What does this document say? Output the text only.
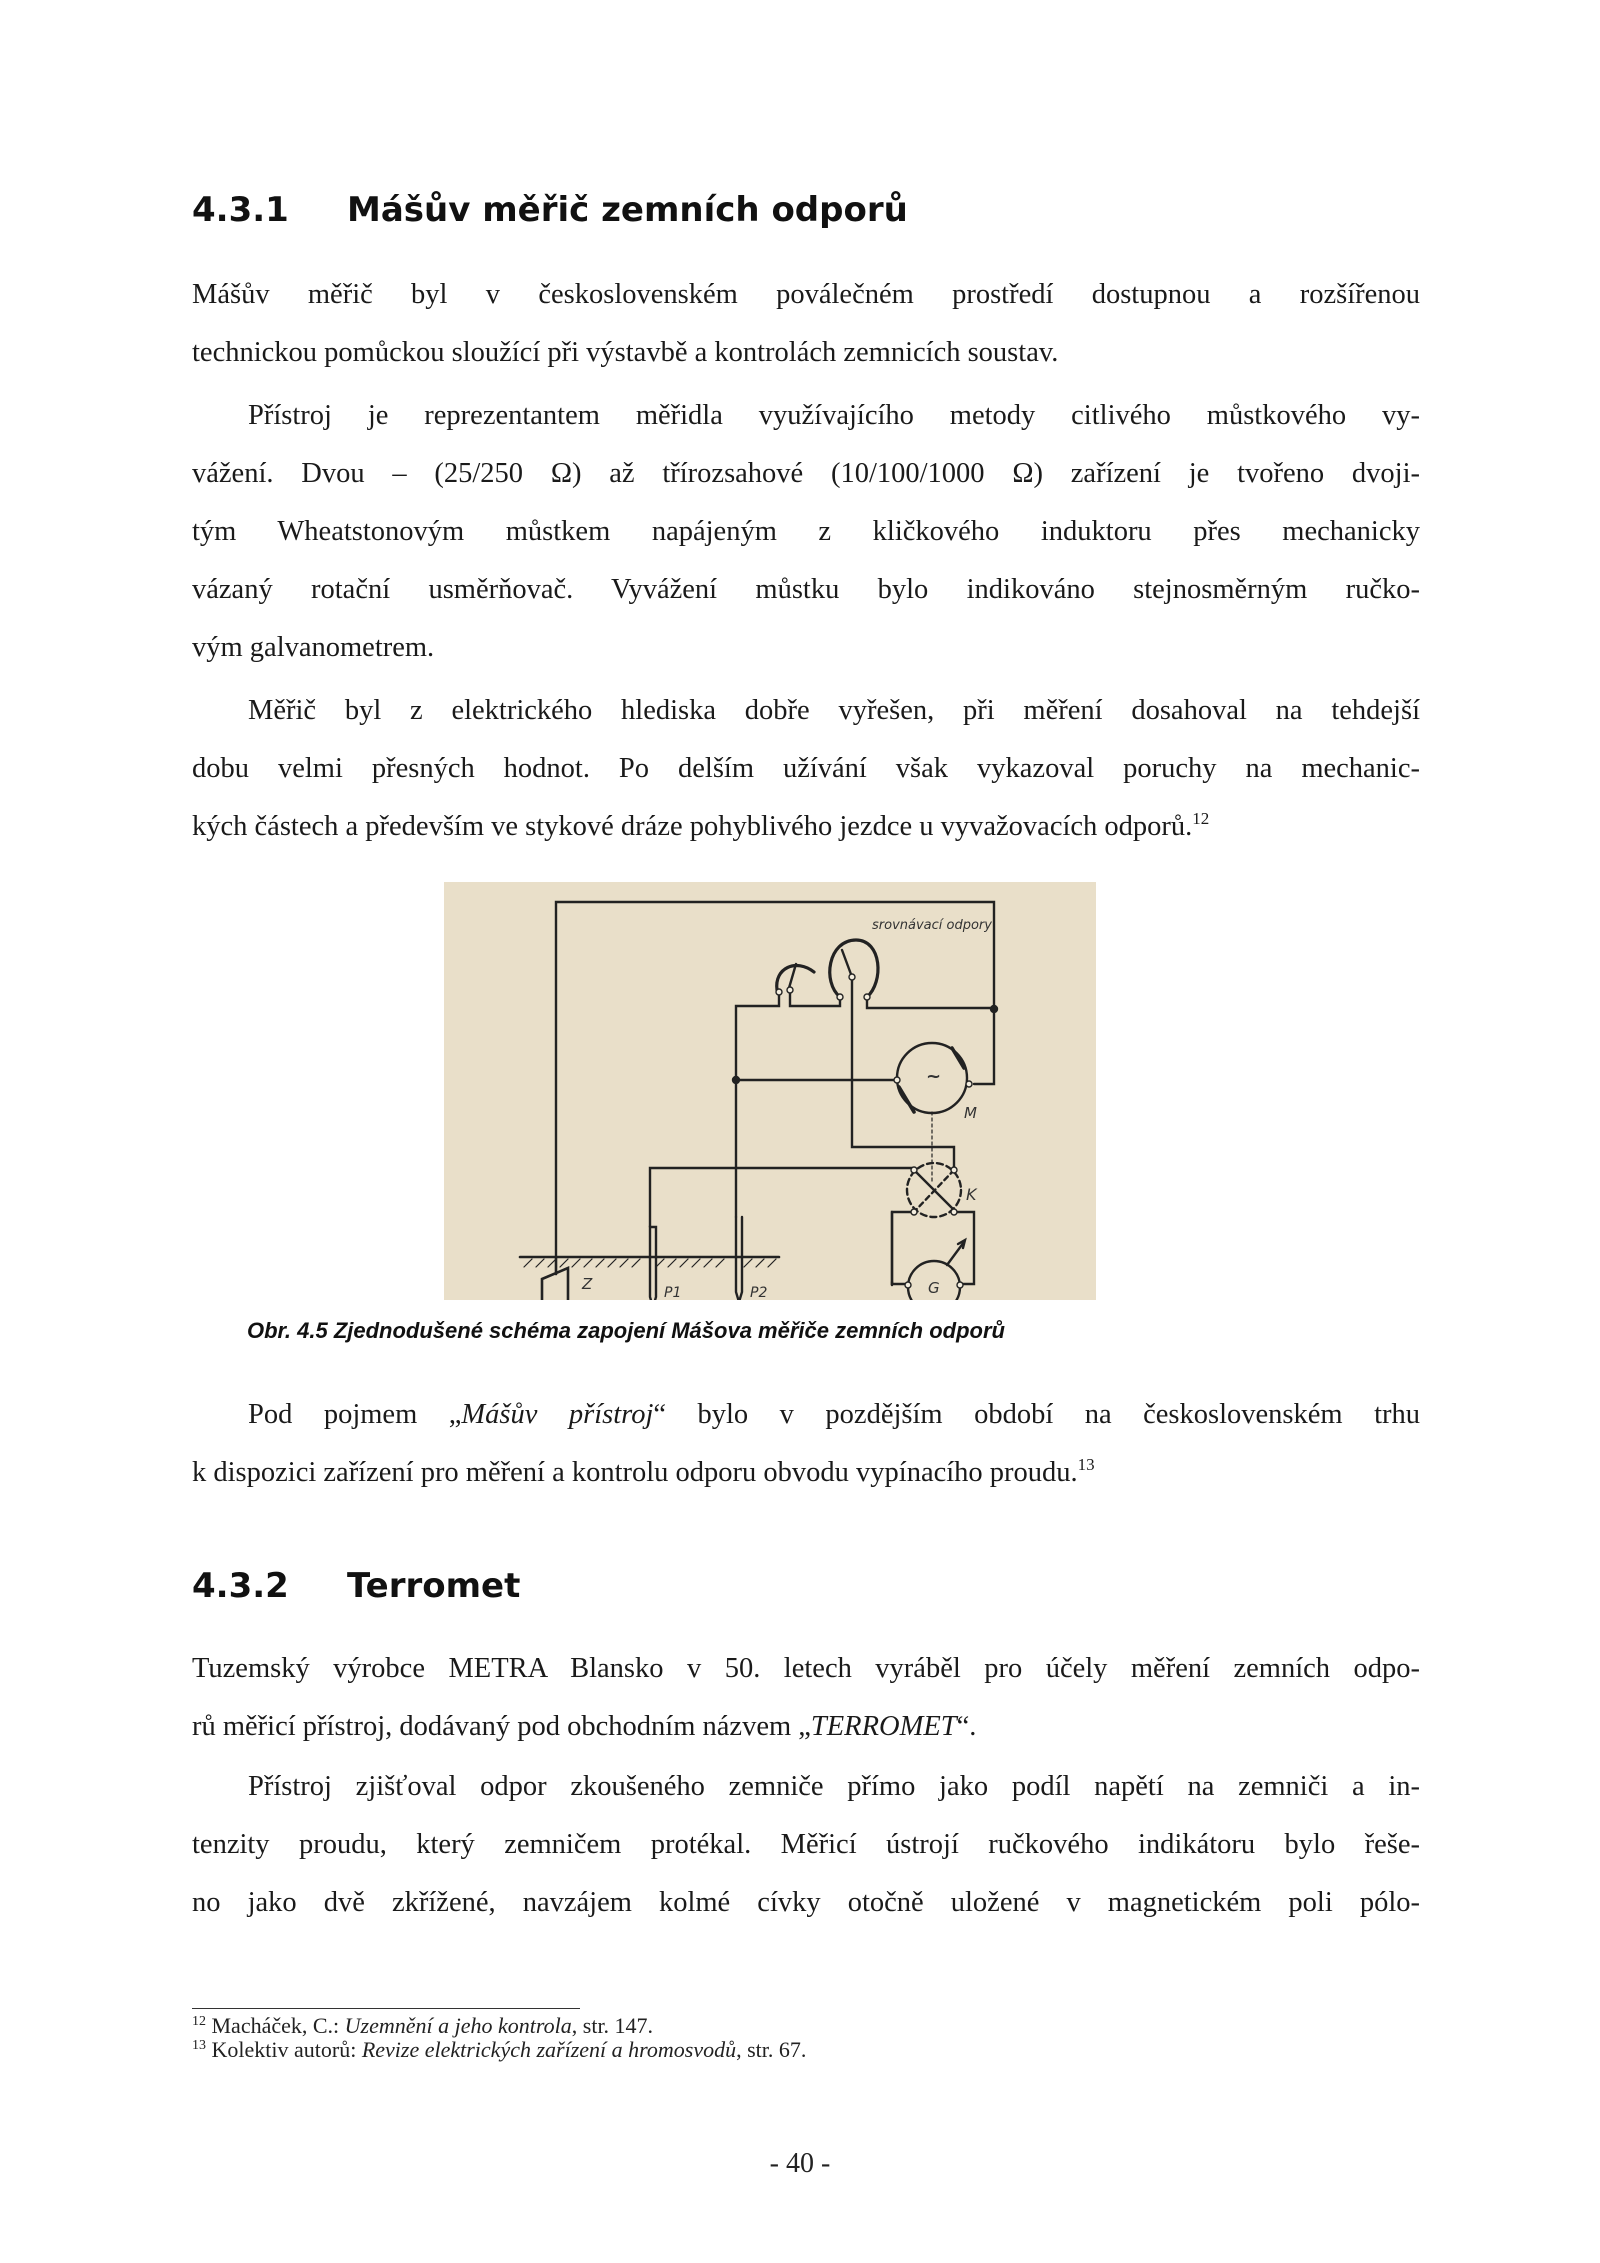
4.3.1 Mášův měřič zemních odporů
Mášův měřič byl v československém poválečném prostředí dostupnou a rozšířenou
technickou pomůckou sloužící při výstavbě a kontrolách zemnicích soustav.
Přístroj je reprezentantem měřidla využívajícího metody citlivého můstkového vy-
vážení. Dvou – (25/250 Ω) až třírozsahové (10/100/1000 Ω) zařízení je tvořeno dvoji-
tým Wheatstonovým můstkem napájeným z kličkového induktoru přes mechanicky
vázaný rotační usměrňovač. Vyvážení můstku bylo indikováno stejnosměrným ručko-
vým galvanometrem.
Měřič byl z elektrického hlediska dobře vyřešen, při měření dosahoval na tehdejší
dobu velmi přesných hodnot. Po delším užívání však vykazoval poruchy na mechanic-
kých částech a především ve stykové dráze pohyblivého jezdce u vyvažovacích odporů.$^{12}$
srovnávací odpory
~
M
K
G
Z	P1	P2
Obr. 4.5 Zjednodušené schéma zapojení Mášova měřiče zemních odporů
Pod pojmem „Mášův přístroj“ bylo v pozdějším období na československém trhu
k dispozici zařízení pro měření a kontrolu odporu obvodu vypínacího proudu.$^{13}$
4.3.2 Terromet
Tuzemský výrobce METRA Blansko v 50. letech vyráběl pro účely měření zemních odpo-
rů měřicí přístroj, dodávaný pod obchodním názvem „TERROMET“.
Přístroj zjišťoval odpor zkoušeného zemniče přímo jako podíl napětí na zemniči a in-
tenzity proudu, který zemničem protékal. Měřicí ústrojí ručkového indikátoru bylo řeše-
no jako dvě zkřížené, navzájem kolmé cívky otočně uložené v magnetickém poli pólo-
$^{12}$ Macháček, C.: Uzemnění a jeho kontrola, str. 147.
$^{13}$ Kolektiv autorů: Revize elektrických zařízení a hromosvodů, str. 67.
- 40 -
